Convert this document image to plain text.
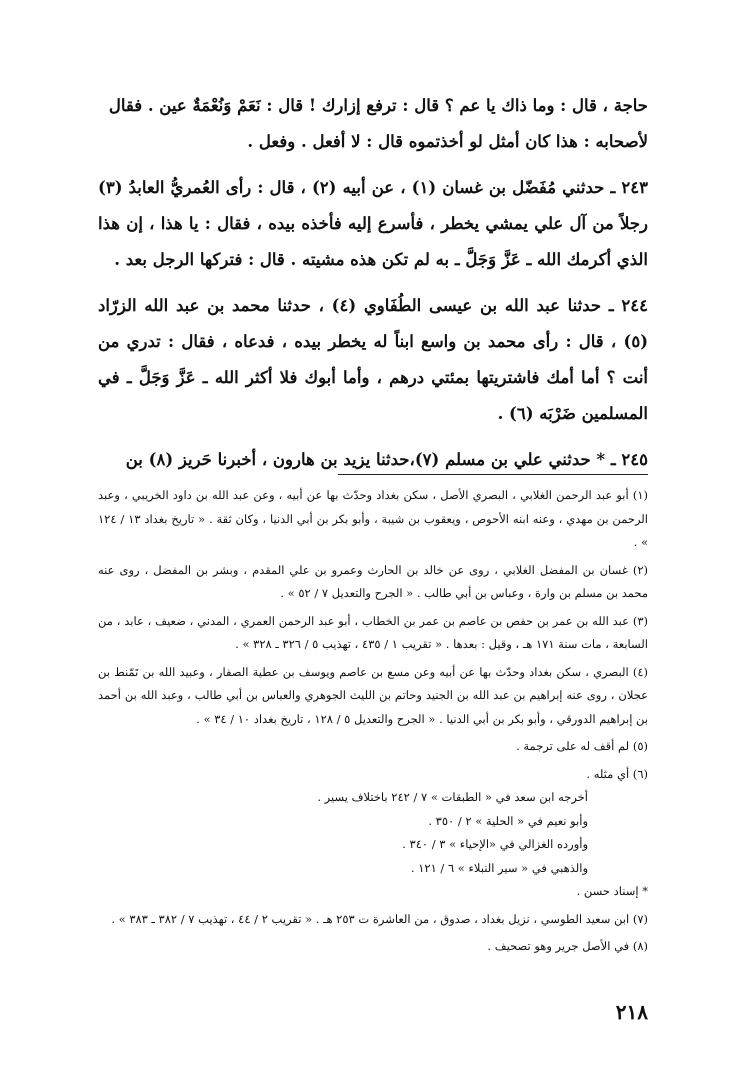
حاجة ، قال : وما ذاك يا عم ؟ قال : ترفع إزارك ! قال : نَعَمْ وَنُعْمَةٌ عين . فقال

لأصحابه : هذا كان أمثل لو أخذتموه قال : لا أفعل . وفعل .

٢٤٣ ـ حدثني مُفَضّل بن غسان (١) ، عن أبيه (٢) ، قال : رأى العُمريُّ العابدُ (٣) رجلاً من آل علي يمشي يخطر ، فأسرع إليه فأخذه بيده ، فقال : يا هذا ، إن هذا الذي أكرمك الله ـ عَزَّ وَجَلَّ ـ به لم تكن هذه مشيته . قال : فتركها الرجل بعد .

٢٤٤ ـ حدثنا عبد الله بن عيسى الطُفَاوي (٤) ، حدثنا محمد بن عبد الله الزرّاد (٥) ، قال : رأى محمد بن واسع ابناً له يخطر بيده ، فدعاه ، فقال : تدري من أنت ؟ أما أمك فاشتريتها بمئتي درهم ، وأما أبوك فلا أكثر الله ـ عَزَّ وَجَلَّ ـ في المسلمين ضَرْبَه (٦) .

٢٤٥ ـ * حدثني علي بن مسلم (٧)،حدثنا يزيد بن هارون ، أخبرنا حَريز (٨) بن

(١) أبو عبد الرحمن الغلابي ، البصري الأصل ، سكن بغداد وحدّث بها عن أبيه ، وعن عبد الله بن داود الخريبي ، وعبد الرحمن بن مهدي ، وعنه ابنه الأحوص ، ويعقوب بن شيبة ، وأبو بكر بن أبي الدنيا ، وكان ثقة . « تاريخ بغداد ١٣ / ١٢٤ » .

(٢) غسان بن المفضل الغلابي ، روى عن خالد بن الحارث وعمرو بن علي المقدم ، وبشر بن المفضل ، روى عنه محمد بن مسلم بن وارة ، وعباس بن أبي طالب . « الجرح والتعديل ٧ / ٥٢ » .

(٣) عبد الله بن عمر بن حفص بن عاصم بن عمر بن الخطاب ، أبو عبد الرحمن العمري ، المدني ، ضعيف ، عابد ، من السابعة ، مات سنة ١٧١ هـ ، وقيل : بعدها . « تقريب ١ / ٤٣٥ ، تهذيب ٥ / ٣٢٦ ـ ٣٢٨ » .

(٤) البصري ، سكن بغداد وحدّث بها عن أبيه وعن مسع بن عاصم ويوسف بن عطية الصفار ، وعبيد الله بن تَمّنط بن عجلان ، روى عنه إبراهيم بن عبد الله بن الجنيد وحاتم بن الليث الجوهري والعباس بن أبي طالب ، وعبد الله بن أحمد بن إبراهيم الدورقي ، وأبو بكر بن أبي الدنيا . « الجرح والتعديل ٥ / ١٢٨ ، تاريخ بغداد ١٠ / ٣٤ » .

(٥) لم أقف له على ترجمة .

(٦) أي مثله .

أخرجه ابن سعد في « الطبقات » ٧ / ٢٤٢ باختلاف يسير .

وأبو نعيم في « الحلية » ٢ / ٣٥٠ .

وأورده الغزالي في «الإحياء » ٣ / ٣٤٠ .

والذهبي في « سير النبلاء » ٦ / ١٢١ .

* إسناد حسن .

(٧) ابن سعيد الطوسي ، نزيل بغداد ، صدوق ، من العاشرة ت ٢٥٣ هـ . « تقريب ٢ / ٤٤ ، تهذيب ٧ / ٣٨٢ ـ ٣٨٣ » .

(٨) في الأصل جرير وهو تصحيف .

٢١٨
